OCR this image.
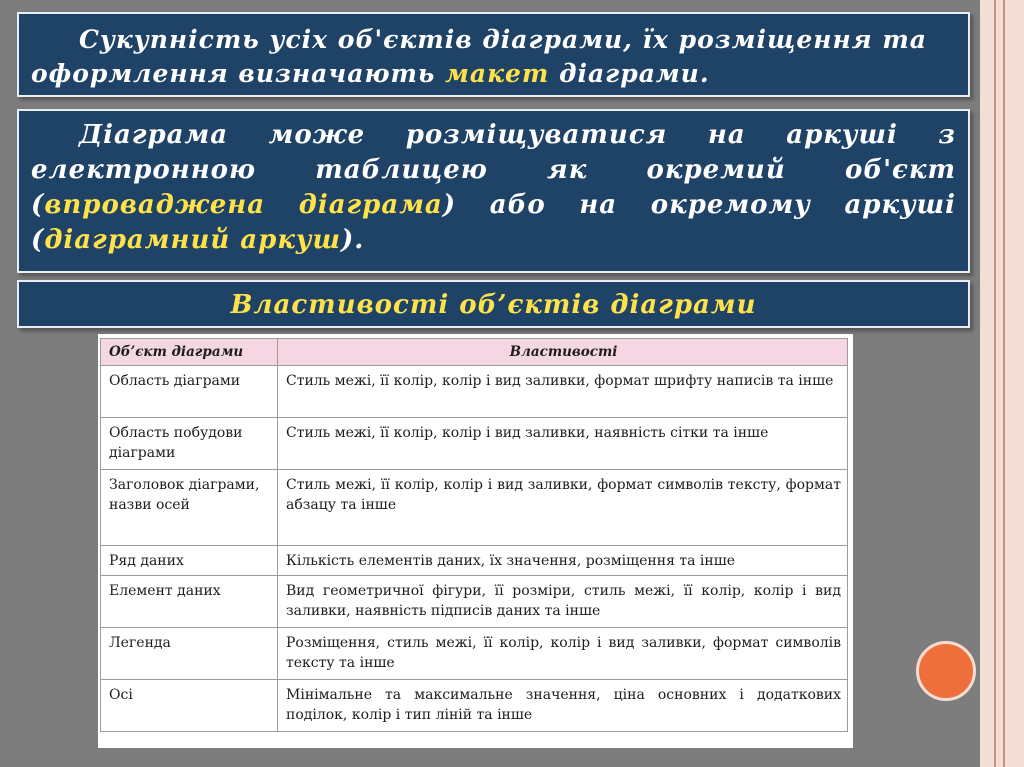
Сукупність усіх об'єктів діаграми, їх розміщення та оформлення визначають макет діаграми.
Діаграма може розміщуватися на аркуші з електронною таблицею як окремий об'єкт (впроваджена діаграма) або на окремому аркуші (діаграмний аркуш).
Властивості об’єктів діаграми
Об’єкт діаграми	Властивості
Область діаграми	Стиль межі, її колір, колір і вид заливки, формат шрифту написів та інше
Область побудови діаграми	Стиль межі, її колір, колір і вид заливки, наявність сітки та інше
Заголовок діаграми, назви осей	Стиль межі, її колір, колір і вид заливки, формат символів тексту, формат абзацу та інше
Ряд даних	Кількість елементів даних, їх значення, розміщення та інше
Елемент даних	Вид геометричної фігури, її розміри, стиль межі, її колір, колір і вид заливки, наявність підписів даних та інше
Легенда	Розміщення, стиль межі, її колір, колір і вид заливки, формат символів тексту та інше
Осі	Мінімальне та максимальне значення, ціна основних і додаткових поділок, колір і тип ліній та інше
